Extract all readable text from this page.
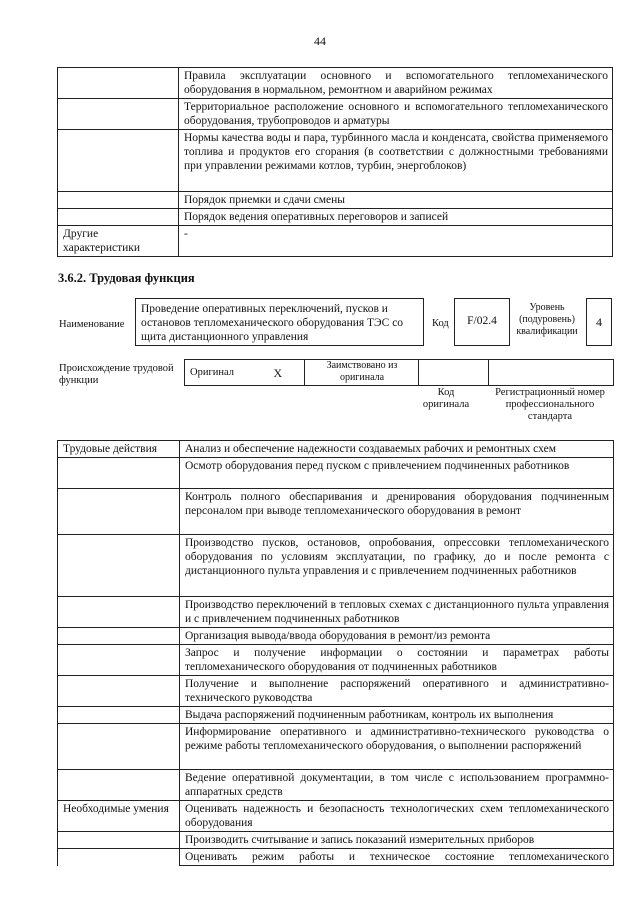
44
	Правила эксплуатации основного и вспомогательного тепломеханического оборудования в нормальном, ремонтном и аварийном режимах
	Территориальное расположение основного и вспомогательного тепломеханического оборудования, трубопроводов и арматуры
	Нормы качества воды и пара, турбинного масла и конденсата, свойства применяемого топлива и продуктов его сгорания (в соответствии с должностными требованиями при управлении режимами котлов, турбин, энергоблоков)
	Порядок приемки и сдачи смены
	Порядок ведения оперативных переговоров и записей
Другие характеристики	-
3.6.2. Трудовая функция
Наименование
Проведение оперативных переключений, пусков и остановов тепломеханического оборудования ТЭС со щита дистанционного управления
Код	F/02.4
Уровень (подуровень) квалификации
4
Происхождение трудовой функции
Оригинал	X	Заимствовано из оригинала		
Код оригинала
Регистрационный номер профессионального стандарта
Трудовые действия	Анализ и обеспечение надежности создаваемых рабочих и ремонтных схем
	Осмотр оборудования перед пуском с привлечением подчиненных работников
	Контроль полного обеспаривания и дренирования оборудования подчиненным персоналом при выводе тепломеханического оборудования в ремонт
	Производство пусков, остановов, опробования, опрессовки тепломеханического оборудования по условиям эксплуатации, по графику, до и после ремонта с дистанционного пульта управления и с привлечением подчиненных работников
	Производство переключений в тепловых схемах с дистанционного пульта управления и с привлечением подчиненных работников
	Организация вывода/ввода оборудования в ремонт/из ремонта
	Запрос и получение информации о состоянии и параметрах работы тепломеханического оборудования от подчиненных работников
	Получение и выполнение распоряжений оперативного и административно-технического руководства
	Выдача распоряжений подчиненным работникам, контроль их выполнения
	Информирование оперативного и административно-технического руководства о режиме работы тепломеханического оборудования, о выполнении распоряжений
	Ведение оперативной документации, в том числе с использованием программно-аппаратных средств
Необходимые умения	Оценивать надежность и безопасность технологических схем тепломеханического оборудования
	Производить считывание и запись показаний измерительных приборов
	Оценивать режим работы и техническое состояние тепломеханического
